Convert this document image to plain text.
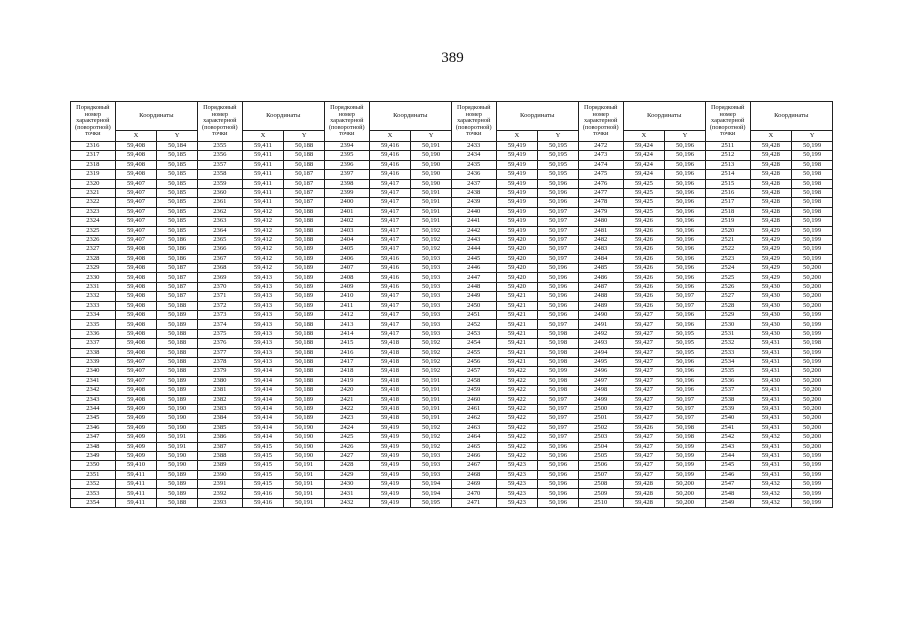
389
Порядковый номер характерной (поворотной) точки	Координаты		Порядковый номер характерной (поворотной) точки	Координаты		Порядковый номер характерной (поворотной) точки	Координаты		Порядковый номер характерной (поворотной) точки	Координаты		Порядковый номер характерной (поворотной) точки	Координаты		Порядковый номер характерной (поворотной) точки	Координаты	
	X	Y		X	Y		X	Y		X	Y		X	Y		X	Y
2316	59,408	50,184	2355	59,411	50,188	2394	59,416	50,191	2433	59,419	50,195	2472	59,424	50,196	2511	59,428	50,199
2317	59,408	50,185	2356	59,411	50,188	2395	59,416	50,190	2434	59,419	50,195	2473	59,424	50,196	2512	59,428	50,199
2318	59,408	50,185	2357	59,411	50,188	2396	59,416	50,190	2435	59,419	50,195	2474	59,424	50,196	2513	59,428	50,198
2319	59,408	50,185	2358	59,411	50,187	2397	59,416	50,190	2436	59,419	50,195	2475	59,424	50,196	2514	59,428	50,198
2320	59,407	50,185	2359	59,411	50,187	2398	59,417	50,190	2437	59,419	50,196	2476	59,425	50,196	2515	59,428	50,198
2321	59,407	50,185	2360	59,411	50,187	2399	59,417	50,191	2438	59,419	50,196	2477	59,425	50,196	2516	59,428	50,198
2322	59,407	50,185	2361	59,411	50,187	2400	59,417	50,191	2439	59,419	50,196	2478	59,425	50,196	2517	59,428	50,198
2323	59,407	50,185	2362	59,412	50,188	2401	59,417	50,191	2440	59,419	50,197	2479	59,425	50,196	2518	59,428	50,198
2324	59,407	50,185	2363	59,412	50,188	2402	59,417	50,191	2441	59,419	50,197	2480	59,426	50,196	2519	59,428	50,199
2325	59,407	50,185	2364	59,412	50,188	2403	59,417	50,192	2442	59,419	50,197	2481	59,426	50,196	2520	59,429	50,199
2326	59,407	50,186	2365	59,412	50,188	2404	59,417	50,192	2443	59,420	50,197	2482	59,426	50,196	2521	59,429	50,199
2327	59,408	50,186	2366	59,412	50,189	2405	59,417	50,192	2444	59,420	50,197	2483	59,426	50,196	2522	59,429	50,199
2328	59,408	50,186	2367	59,412	50,189	2406	59,416	50,193	2445	59,420	50,197	2484	59,426	50,196	2523	59,429	50,199
2329	59,408	50,187	2368	59,412	50,189	2407	59,416	50,193	2446	59,420	50,196	2485	59,426	50,196	2524	59,429	50,200
2330	59,408	50,187	2369	59,413	50,189	2408	59,416	50,193	2447	59,420	50,196	2486	59,426	50,196	2525	59,429	50,200
2331	59,408	50,187	2370	59,413	50,189	2409	59,416	50,193	2448	59,420	50,196	2487	59,426	50,196	2526	59,430	50,200
2332	59,408	50,187	2371	59,413	50,189	2410	59,417	50,193	2449	59,421	50,196	2488	59,426	50,197	2527	59,430	50,200
2333	59,408	50,188	2372	59,413	50,189	2411	59,417	50,193	2450	59,421	50,196	2489	59,426	50,197	2528	59,430	50,200
2334	59,408	50,189	2373	59,413	50,189	2412	59,417	50,193	2451	59,421	50,196	2490	59,427	50,196	2529	59,430	50,199
2335	59,408	50,189	2374	59,413	50,188	2413	59,417	50,193	2452	59,421	50,197	2491	59,427	50,196	2530	59,430	50,199
2336	59,408	50,188	2375	59,413	50,188	2414	59,417	50,193	2453	59,421	50,198	2492	59,427	50,195	2531	59,430	50,199
2337	59,408	50,188	2376	59,413	50,188	2415	59,418	50,192	2454	59,421	50,198	2493	59,427	50,195	2532	59,431	50,198
2338	59,408	50,188	2377	59,413	50,188	2416	59,418	50,192	2455	59,421	50,198	2494	59,427	50,195	2533	59,431	50,199
2339	59,407	50,188	2378	59,413	50,188	2417	59,418	50,192	2456	59,421	50,198	2495	59,427	50,196	2534	59,431	50,199
2340	59,407	50,188	2379	59,414	50,188	2418	59,418	50,192	2457	59,422	50,199	2496	59,427	50,196	2535	59,431	50,200
2341	59,407	50,189	2380	59,414	50,188	2419	59,418	50,191	2458	59,422	50,198	2497	59,427	50,196	2536	59,430	50,200
2342	59,408	50,189	2381	59,414	50,188	2420	59,418	50,191	2459	59,422	50,198	2498	59,427	50,196	2537	59,431	50,200
2343	59,408	50,189	2382	59,414	50,189	2421	59,418	50,191	2460	59,422	50,197	2499	59,427	50,197	2538	59,431	50,200
2344	59,409	50,190	2383	59,414	50,189	2422	59,418	50,191	2461	59,422	50,197	2500	59,427	50,197	2539	59,431	50,200
2345	59,409	50,190	2384	59,414	50,189	2423	59,418	50,191	2462	59,422	50,197	2501	59,427	50,197	2540	59,431	50,200
2346	59,409	50,190	2385	59,414	50,190	2424	59,419	50,192	2463	59,422	50,197	2502	59,426	50,198	2541	59,431	50,200
2347	59,409	50,191	2386	59,414	50,190	2425	59,419	50,192	2464	59,422	50,197	2503	59,427	50,198	2542	59,432	50,200
2348	59,409	50,191	2387	59,415	50,190	2426	59,419	50,192	2465	59,422	50,196	2504	59,427	50,199	2543	59,431	50,200
2349	59,409	50,190	2388	59,415	50,190	2427	59,419	50,193	2466	59,422	50,196	2505	59,427	50,199	2544	59,431	50,199
2350	59,410	50,190	2389	59,415	50,191	2428	59,419	50,193	2467	59,423	50,196	2506	59,427	50,199	2545	59,431	50,199
2351	59,411	50,189	2390	59,415	50,191	2429	59,419	50,193	2468	59,423	50,196	2507	59,427	50,199	2546	59,431	50,199
2352	59,411	50,189	2391	59,415	50,191	2430	59,419	50,194	2469	59,423	50,196	2508	59,428	50,200	2547	59,432	50,199
2353	59,411	50,189	2392	59,416	50,191	2431	59,419	50,194	2470	59,423	50,196	2509	59,428	50,200	2548	59,432	50,199
2354	59,411	50,188	2393	59,416	50,191	2432	59,419	50,195	2471	59,423	50,196	2510	59,428	50,200	2549	59,432	50,199
